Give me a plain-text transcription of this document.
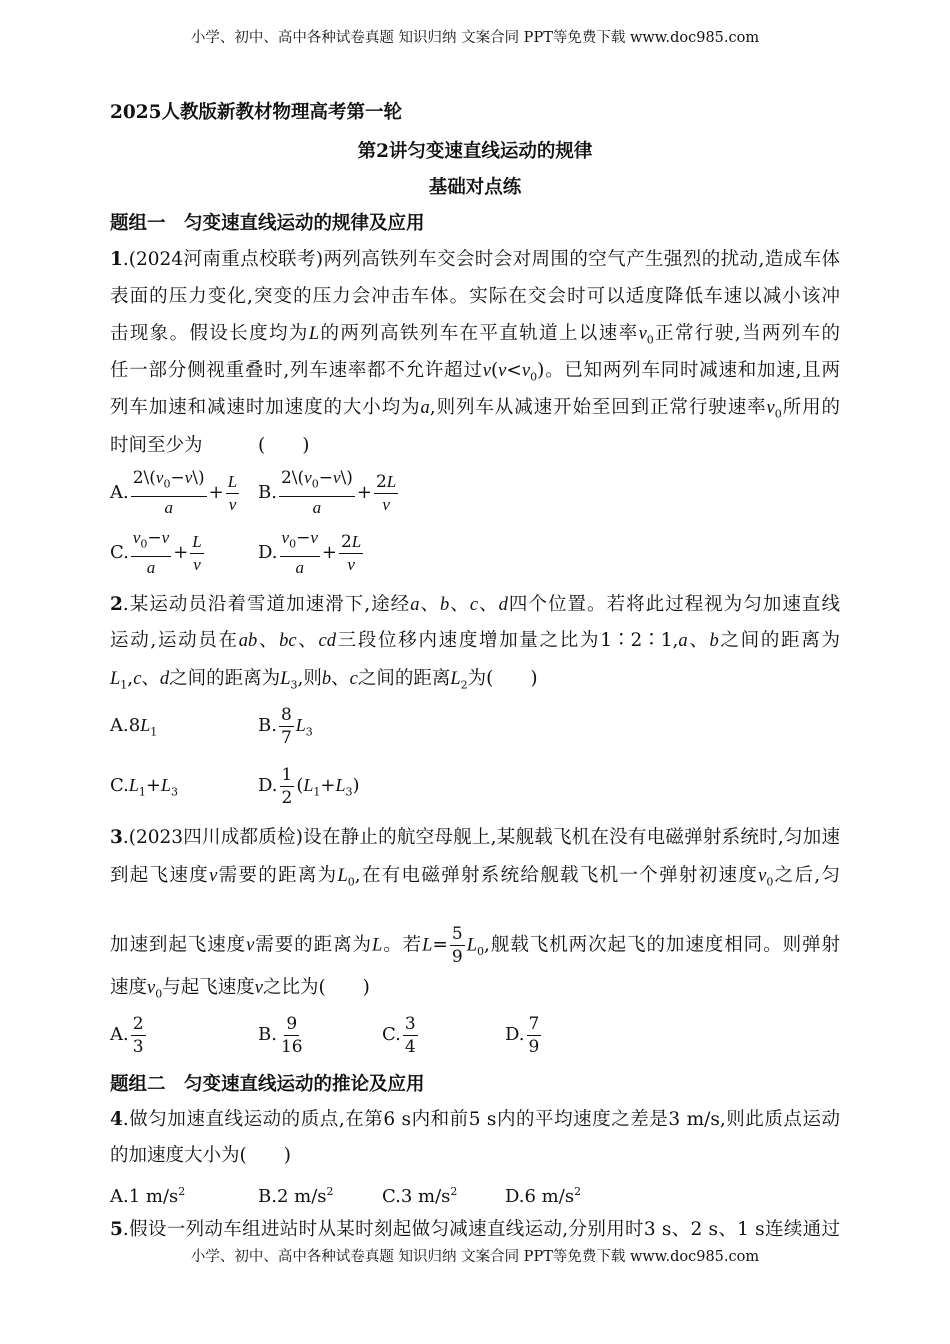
小学、初中、高中各种试卷真题 知识归纳 文案合同 PPT等免费下载 www.doc985.com
2025人教版新教材物理高考第一轮
第2讲匀变速直线运动的规律
基础对点练
题组一　匀变速直线运动的规律及应用
题组二　匀变速直线运动的推论及应用
1.(2024河南重点校联考)两列高铁列车交会时会对周围的空气产生强烈的扰动,造成车体
表面的压力变化,突变的压力会冲击车体。实际在交会时可以适度降低车速以减小该冲
击现象。假设长度均为L的两列高铁列车在平直轨道上以速率$v_0$正常行驶,当两列车的
任一部分侧视重叠时,列车速率都不允许超过$v(v<v_0)$。已知两列车同时减速和加速,且两
列车加速和减速时加速度的大小均为a,则列车从减速开始至回到正常行驶速率$v_0$所用的
时间至少为　　　(　　)
2.某运动员沿着雪道加速滑下,途经a、b、c、d四个位置。若将此过程视为匀加速直线
运动,运动员在ab、bc、cd三段位移内速度增加量之比为1∶2∶1,a、b之间的距离为
$L_1,c$、d之间的距离为$L_3$,则b、c之间的距离$L_2$为(　　)
3.(2023四川成都质检)设在静止的航空母舰上,某舰载飞机在没有电磁弹射系统时,匀加速
到起飞速度v需要的距离为$L_0$,在有电磁弹射系统给舰载飞机一个弹射初速度$v_0$之后,匀
加速到起飞速度v需要的距离为L。若$L= \frac{5}{9} L_0$,舰载飞机两次起飞的加速度相同。则弹射
速度$v_0$与起飞速度v之比为(　　)
4.做匀加速直线运动的质点,在第6 s内和前5 s内的平均速度之差是3 m/s,则此质点运动
的加速度大小为(　　)
5.假设一列动车组进站时从某时刻起做匀减速直线运动,分别用时3 s、2 s、1 s连续通过
A. $\frac{2\backslash(v_0-v\backslash)}{a} + \frac{L}{v} B$. $\frac{2\backslash(v_0-v\backslash)}{a} + \frac{2L}{v}$
C. $\frac{v_0-v}{a} + \frac{L}{v}$	D. $\frac{v_0-v}{a} + \frac{2L}{v}$
$A.8L_1$	B. $\frac{8}{7} L_3$
$C.L_1+L_3$	D. $\frac{1}{2} (L_1+L_3)$
A. $\frac{2}{3}$	B. $\frac{9}{16}$	C. $\frac{3}{4}$	D. $\frac{7}{9}$
A.1 $m/s^2$	B.2 $m/s^2$	C.3 $m/s^2$	D.6 $m/s^2$
小学、初中、高中各种试卷真题 知识归纳 文案合同 PPT等免费下载 www.doc985.com
